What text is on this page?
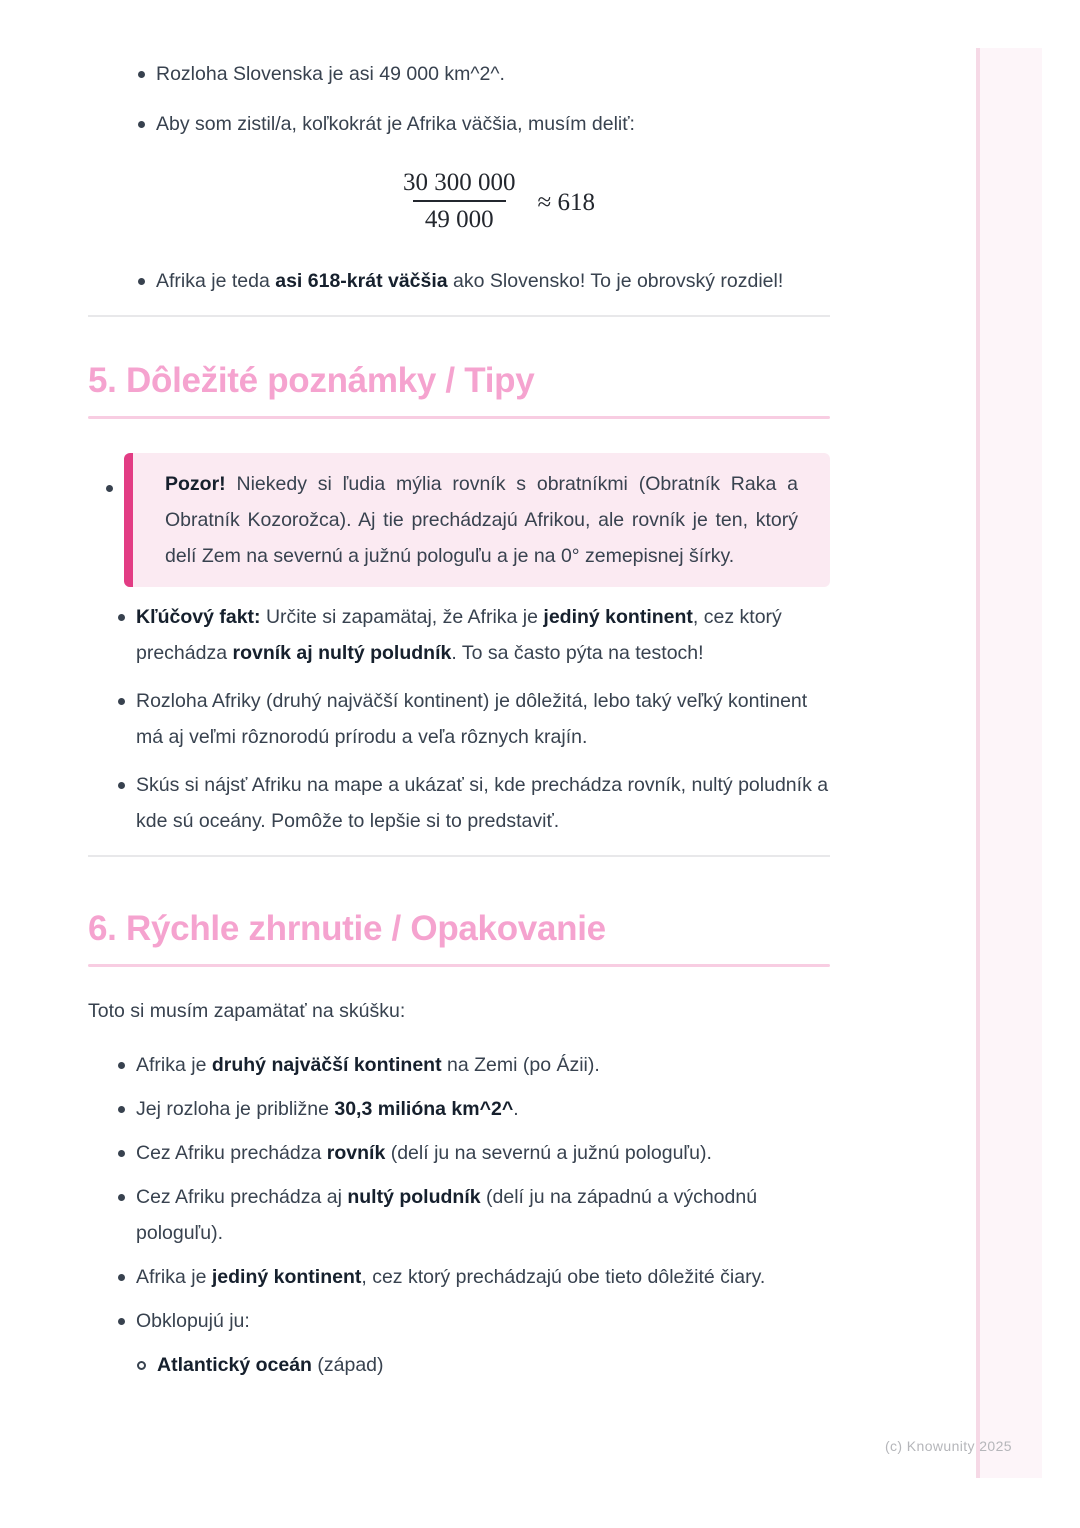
(c) Knowunity 2025
Rozloha Slovenska je asi 49 000 km^2^.
Aby som zistil/a, koľkokrát je Afrika väčšia, musím deliť:
$\frac{30 300 000}{49 000} \approx 618$
Afrika je teda asi 618-krát väčšia ako Slovensko! To je obrovský rozdiel!
5. Dôležité poznámky / Tipy
Pozor! Niekedy si ľudia mýlia rovník s obratníkmi (Obratník Raka a Obratník Kozorožca). Aj tie prechádzajú Afrikou, ale rovník je ten, ktorý delí Zem na severnú a južnú pologuľu a je na 0° zemepisnej šírky.
Kľúčový fakt: Určite si zapamätaj, že Afrika je jediný kontinent, cez ktorý prechádza rovník aj nultý poludník. To sa často pýta na testoch!
Rozloha Afriky (druhý najväčší kontinent) je dôležitá, lebo taký veľký kontinent má aj veľmi rôznorodú prírodu a veľa rôznych krajín.
Skús si nájsť Afriku na mape a ukázať si, kde prechádza rovník, nultý poludník a kde sú oceány. Pomôže to lepšie si to predstaviť.
6. Rýchle zhrnutie / Opakovanie

Toto si musím zapamätať na skúšku:

Afrika je druhý najväčší kontinent na Zemi (po Ázii).
Jej rozloha je približne 30,3 milióna km^2^.
Cez Afriku prechádza rovník (delí ju na severnú a južnú pologuľu).
Cez Afriku prechádza aj nultý poludník (delí ju na západnú a východnú pologuľu).
Afrika je jediný kontinent, cez ktorý prechádzajú obe tieto dôležité čiary.
Obklopujú ju:
Atlantický oceán (západ)
